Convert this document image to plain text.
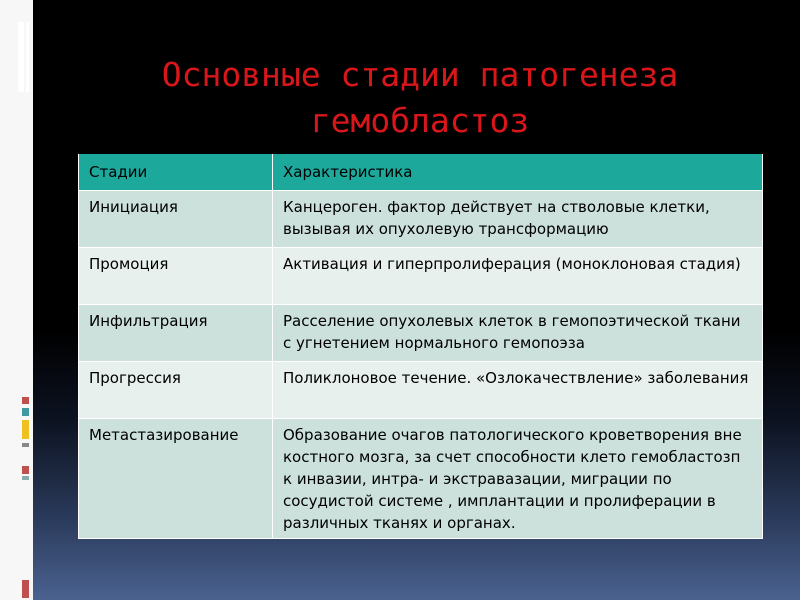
Основные стадии патогенеза гемобластоз
Стадии	Характеристика
Инициация	Канцероген. фактор действует на стволовые клетки, вызывая их опухолевую трансформацию
Промоция	Активация и гиперпролиферация (моноклоновая стадия)
Инфильтрация	Расселение опухолевых клеток в гемопоэтической ткани с угнетением нормального гемопоэза
Прогрессия	Поликлоновое течение. «Озлокачествление» заболевания
Метастазирование	Образование очагов патологического кроветворения вне костного мозга, за счет способности клето гемобластозп к инвазии, интра- и экстравазации, миграции по сосудистой системе , имплантации и пролиферации в различных тканях и органах.
